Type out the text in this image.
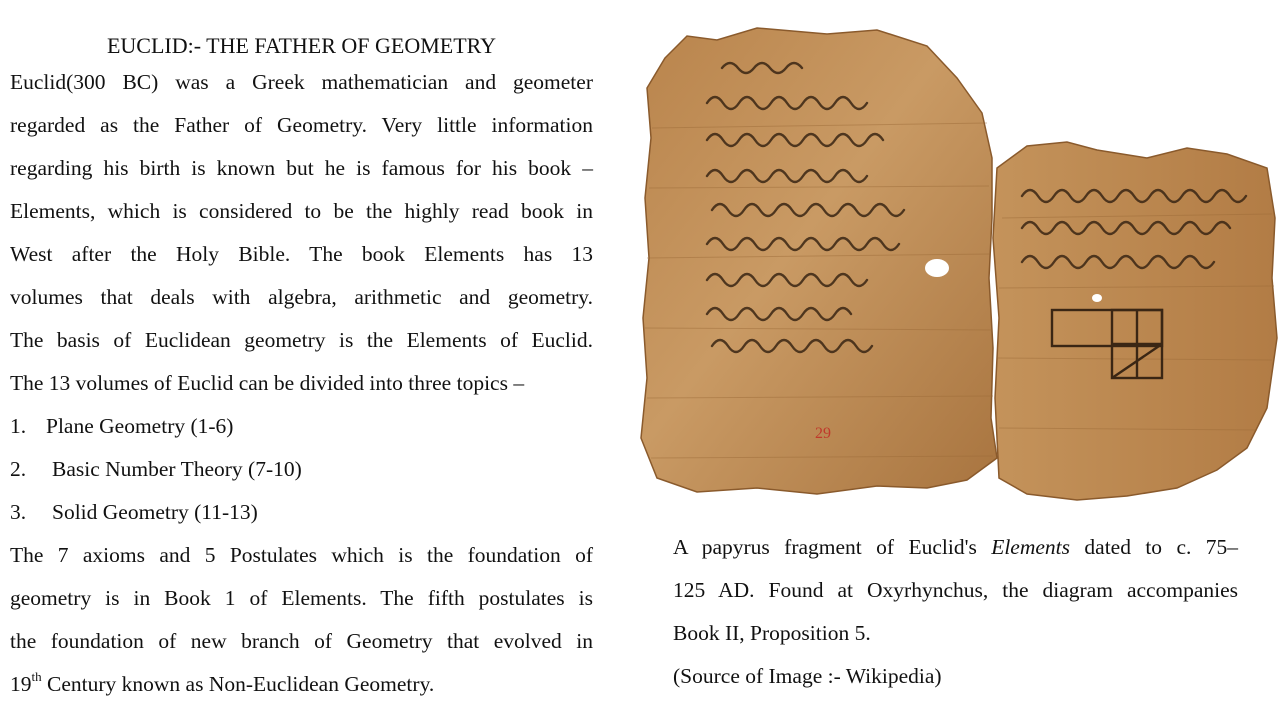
EUCLID:- THE FATHER OF GEOMETRY

Euclid(300 BC) was a Greek mathematician and geometer

regarded as the Father of Geometry. Very little information

regarding his birth is known but he is famous for his book –

Elements, which is considered to be the highly read book in

West after the Holy Bible. The book Elements has 13

volumes that deals with algebra, arithmetic and geometry.

The basis of Euclidean geometry is the Elements of Euclid.

The 13 volumes of Euclid can be divided into three topics –

1. Plane Geometry (1-6)

2. Basic Number Theory (7-10)

3. Solid Geometry (11-13)

The 7 axioms and 5 Postulates which is the foundation of

geometry is in Book 1 of Elements. The fifth postulates is

the foundation of new branch of Geometry that evolved in

19th Century known as Non-Euclidean Geometry.

29

A papyrus fragment of Euclid's Elements dated to c. 75–

125 AD. Found at Oxyrhynchus, the diagram accompanies

Book II, Proposition 5.

(Source of Image :- Wikipedia)
